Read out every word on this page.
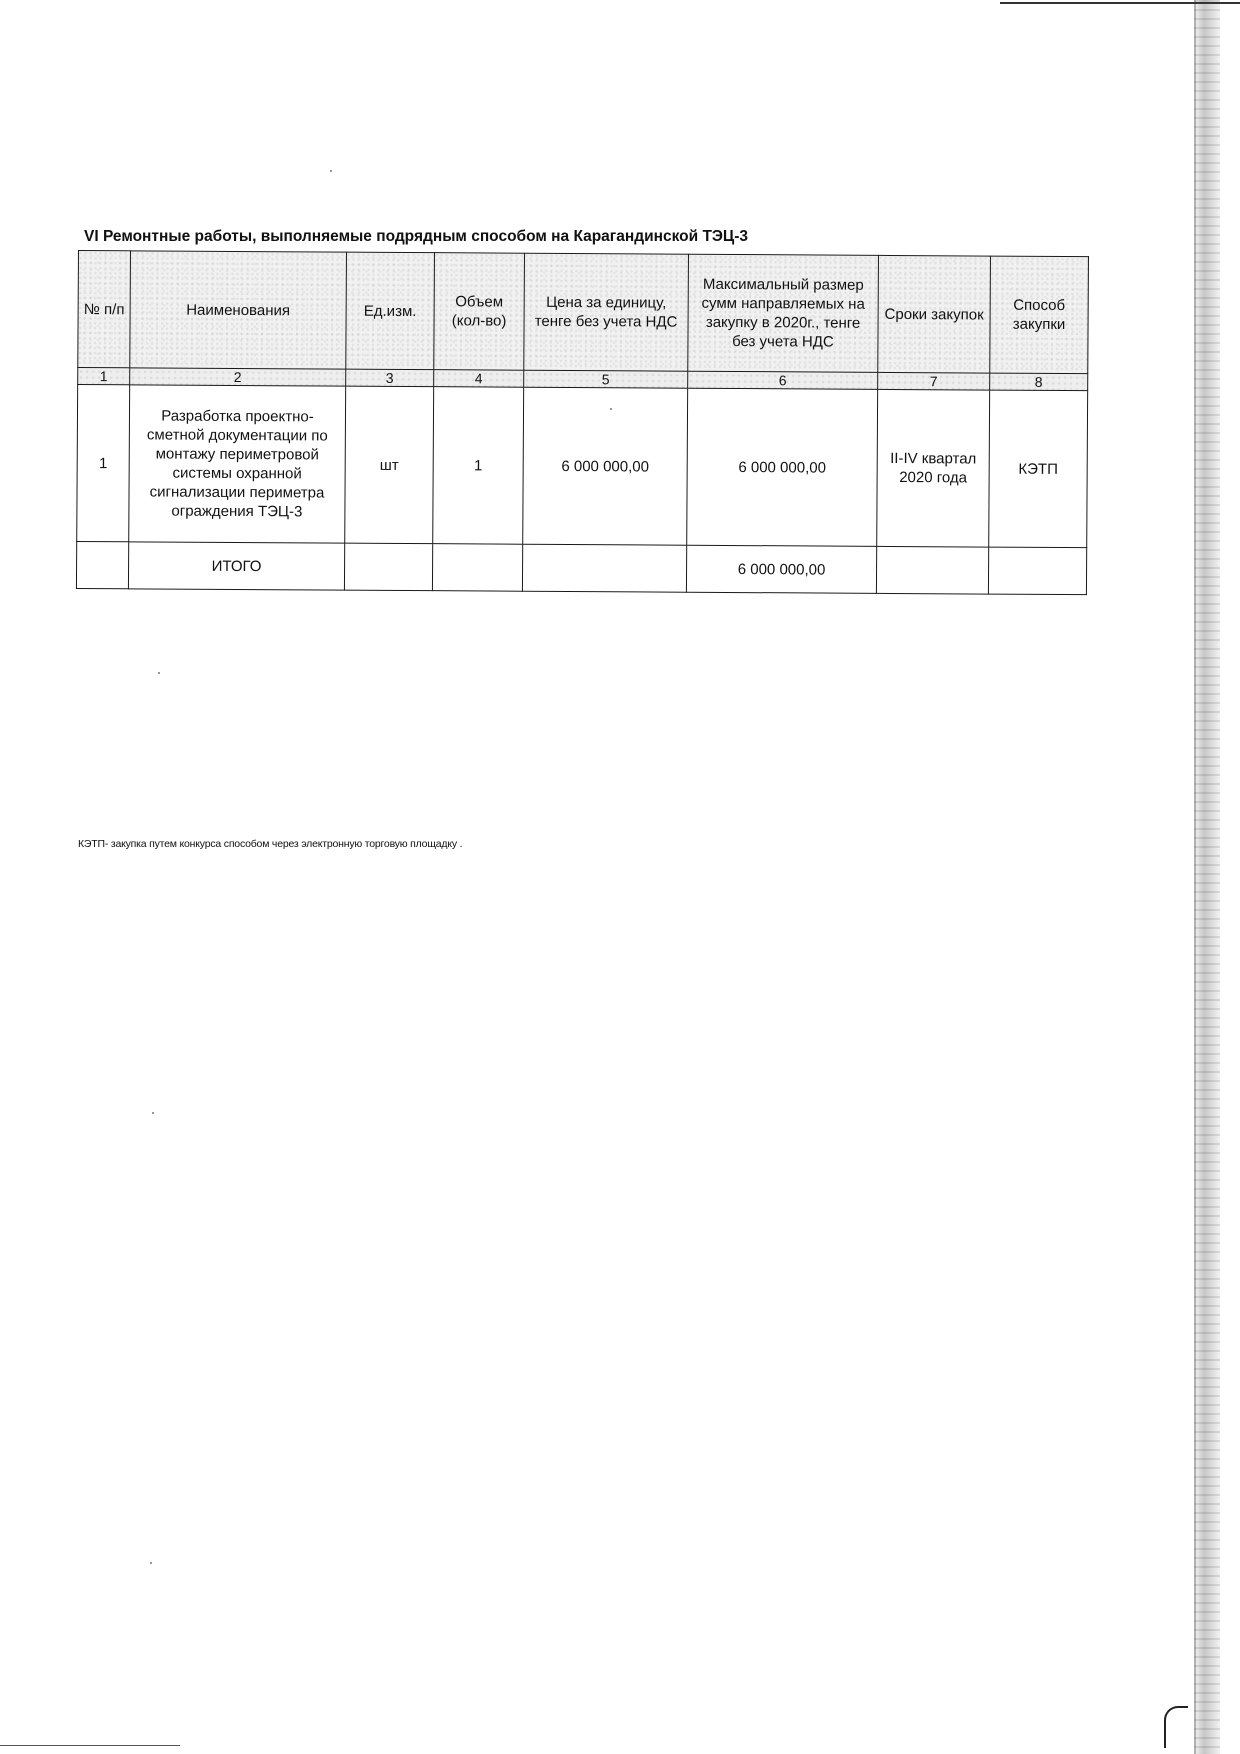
VI Ремонтные работы, выполняемые подрядным способом на Карагандинской ТЭЦ-3
№ п/п	Наименования	Ед.изм.	Объем (кол-во)	Цена за единицу, тенге без учета НДС	Максимальный размер сумм направляемых на закупку в 2020г., тенге без учета НДС	Сроки закупок	Способ закупки
1	2	3	4	5	6	7	8
1	Разработка проектно-сметной документации по монтажу периметровой системы охранной сигнализации периметра ограждения ТЭЦ-3	шт	1	6 000 000,00	6 000 000,00	II-IV квартал 2020 года	КЭТП
	ИТОГО				6 000 000,00		
КЭТП- закупка путем конкурса способом через электронную торговую площадку .
